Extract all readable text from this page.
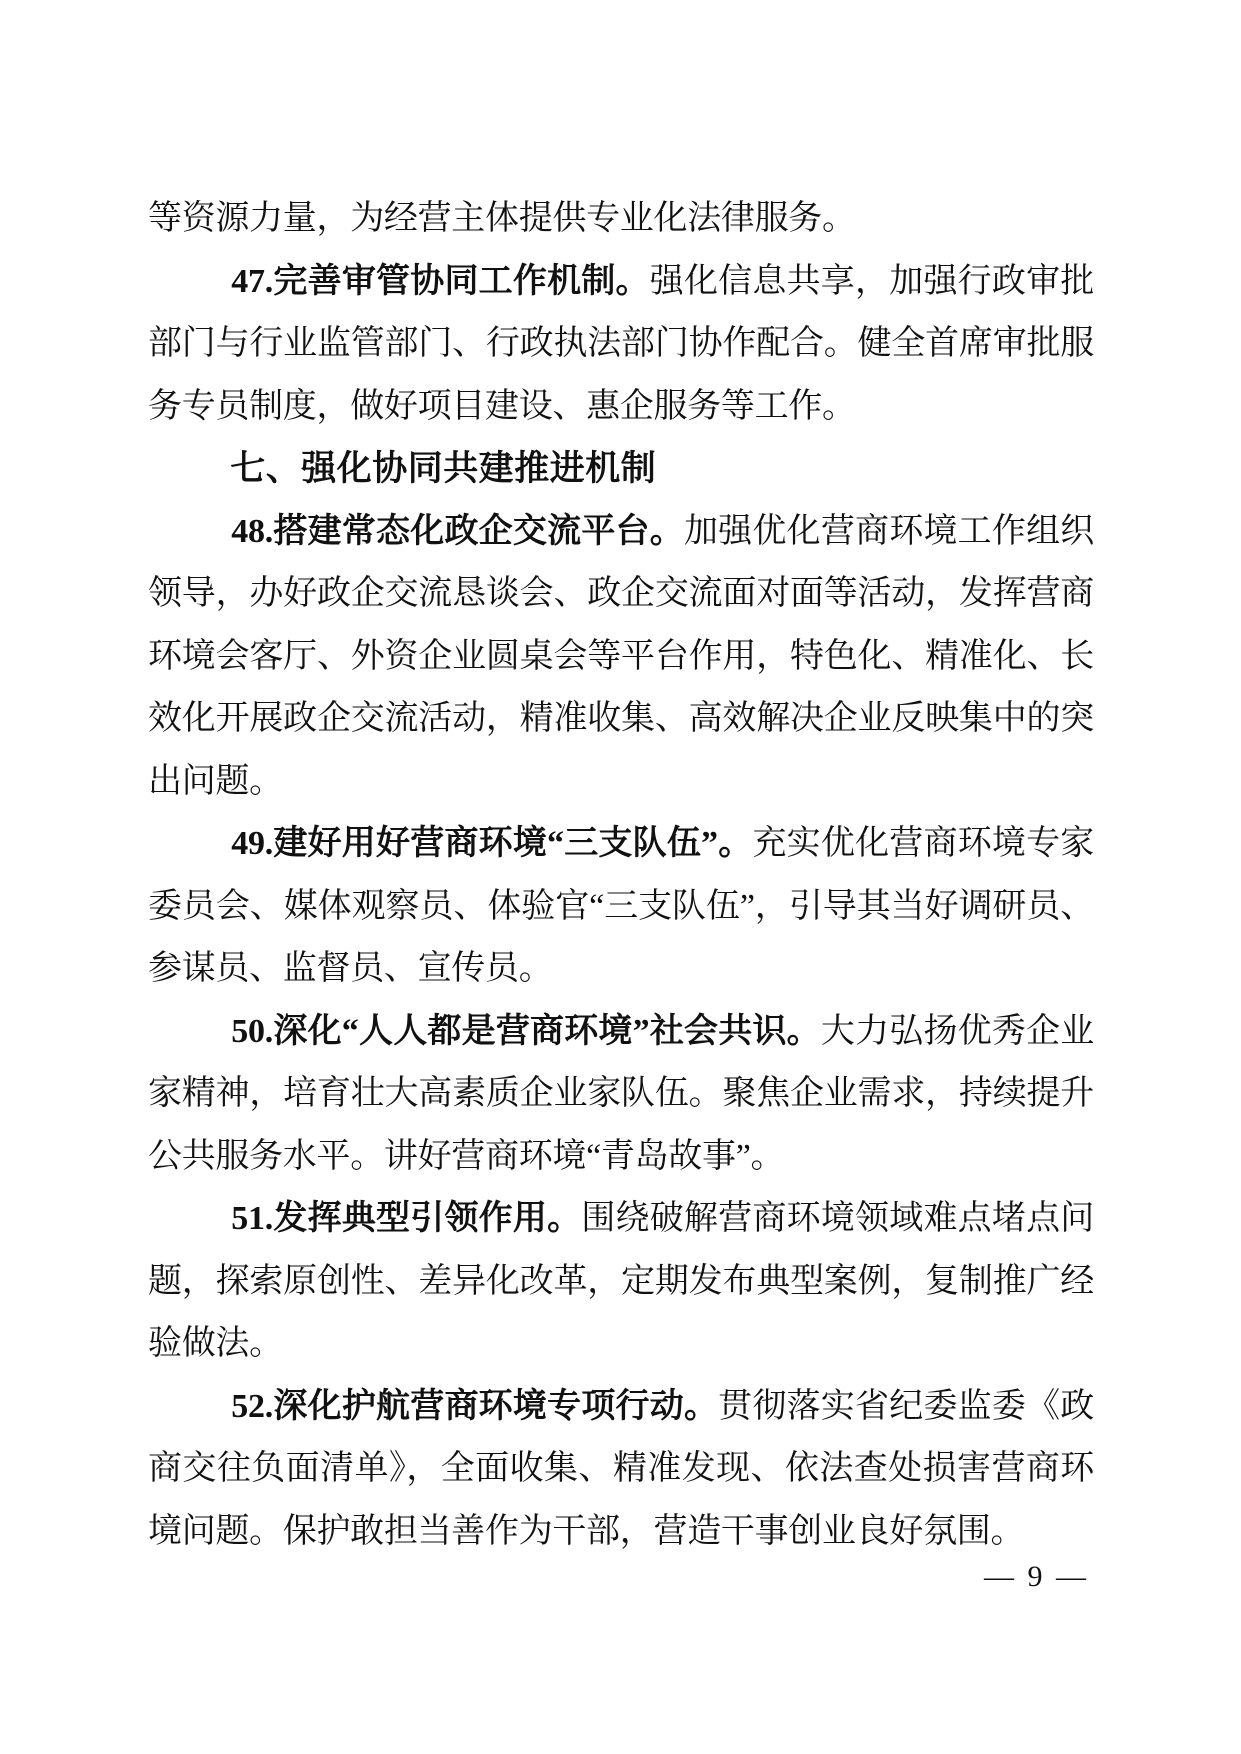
等资源力量，为经营主体提供专业化法律服务。

47.完善审管协同工作机制。强化信息共享，加强行政审批部门与行业监管部门、行政执法部门协作配合。健全首席审批服务专员制度，做好项目建设、惠企服务等工作。

七、强化协同共建推进机制

48.搭建常态化政企交流平台。加强优化营商环境工作组织领导，办好政企交流恳谈会、政企交流面对面等活动，发挥营商环境会客厅、外资企业圆桌会等平台作用，特色化、精准化、长效化开展政企交流活动，精准收集、高效解决企业反映集中的突出问题。

49.建好用好营商环境“三支队伍”。充实优化营商环境专家委员会、媒体观察员、体验官“三支队伍”，引导其当好调研员、参谋员、监督员、宣传员。

50.深化“人人都是营商环境”社会共识。大力弘扬优秀企业家精神，培育壮大高素质企业家队伍。聚焦企业需求，持续提升公共服务水平。讲好营商环境“青岛故事”。

51.发挥典型引领作用。围绕破解营商环境领域难点堵点问题，探索原创性、差异化改革，定期发布典型案例，复制推广经验做法。

52.深化护航营商环境专项行动。贯彻落实省纪委监委《政商交往负面清单》，全面收集、精准发现、依法查处损害营商环境问题。保护敢担当善作为干部，营造干事创业良好氛围。

— 9 —
